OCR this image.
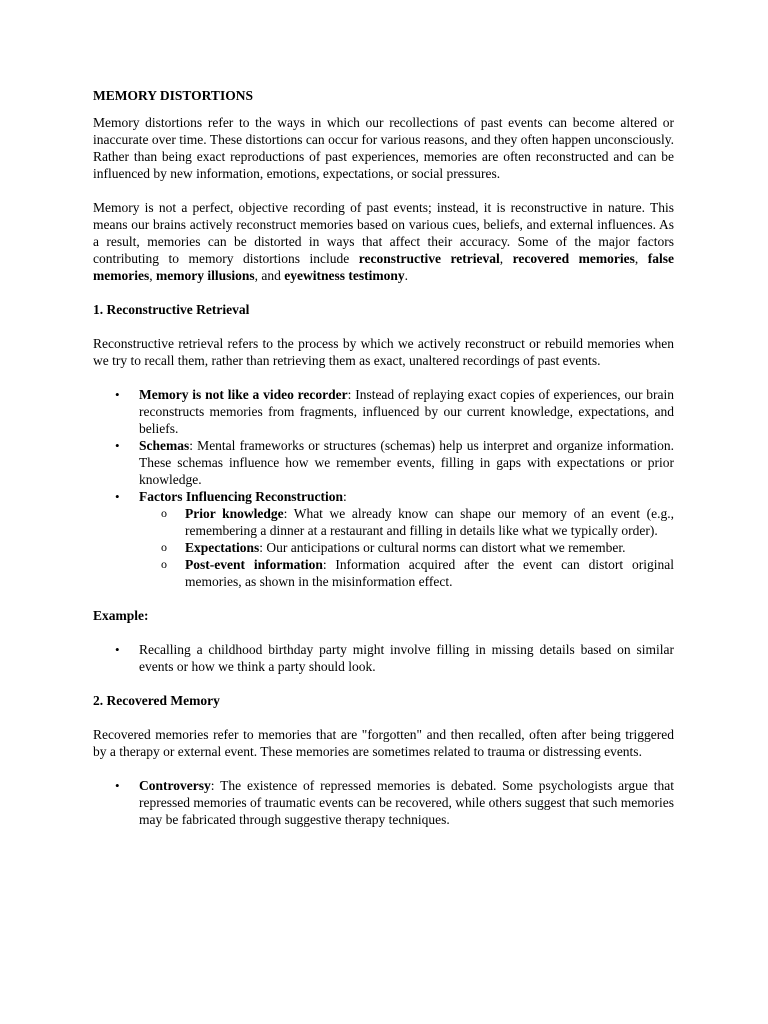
MEMORY DISTORTIONS

Memory distortions refer to the ways in which our recollections of past events can become altered or inaccurate over time. These distortions can occur for various reasons, and they often happen unconsciously. Rather than being exact reproductions of past experiences, memories are often reconstructed and can be influenced by new information, emotions, expectations, or social pressures.

Memory is not a perfect, objective recording of past events; instead, it is reconstructive in nature. This means our brains actively reconstruct memories based on various cues, beliefs, and external influences. As a result, memories can be distorted in ways that affect their accuracy. Some of the major factors contributing to memory distortions include reconstructive retrieval, recovered memories, false memories, memory illusions, and eyewitness testimony.

1. Reconstructive Retrieval

Reconstructive retrieval refers to the process by which we actively reconstruct or rebuild memories when we try to recall them, rather than retrieving them as exact, unaltered recordings of past events.

• Memory is not like a video recorder: Instead of replaying exact copies of experiences, our brain reconstructs memories from fragments, influenced by our current knowledge, expectations, and beliefs.
• Schemas: Mental frameworks or structures (schemas) help us interpret and organize information. These schemas influence how we remember events, filling in gaps with expectations or prior knowledge.
• Factors Influencing Reconstruction:
o Prior knowledge: What we already know can shape our memory of an event (e.g., remembering a dinner at a restaurant and filling in details like what we typically order).
o Expectations: Our anticipations or cultural norms can distort what we remember.
o Post-event information: Information acquired after the event can distort original memories, as shown in the misinformation effect.
Example:
• Recalling a childhood birthday party might involve filling in missing details based on similar events or how we think a party should look.
2. Recovered Memory

Recovered memories refer to memories that are "forgotten" and then recalled, often after being triggered by a therapy or external event. These memories are sometimes related to trauma or distressing events.

• Controversy: The existence of repressed memories is debated. Some psychologists argue that repressed memories of traumatic events can be recovered, while others suggest that such memories may be fabricated through suggestive therapy techniques.
